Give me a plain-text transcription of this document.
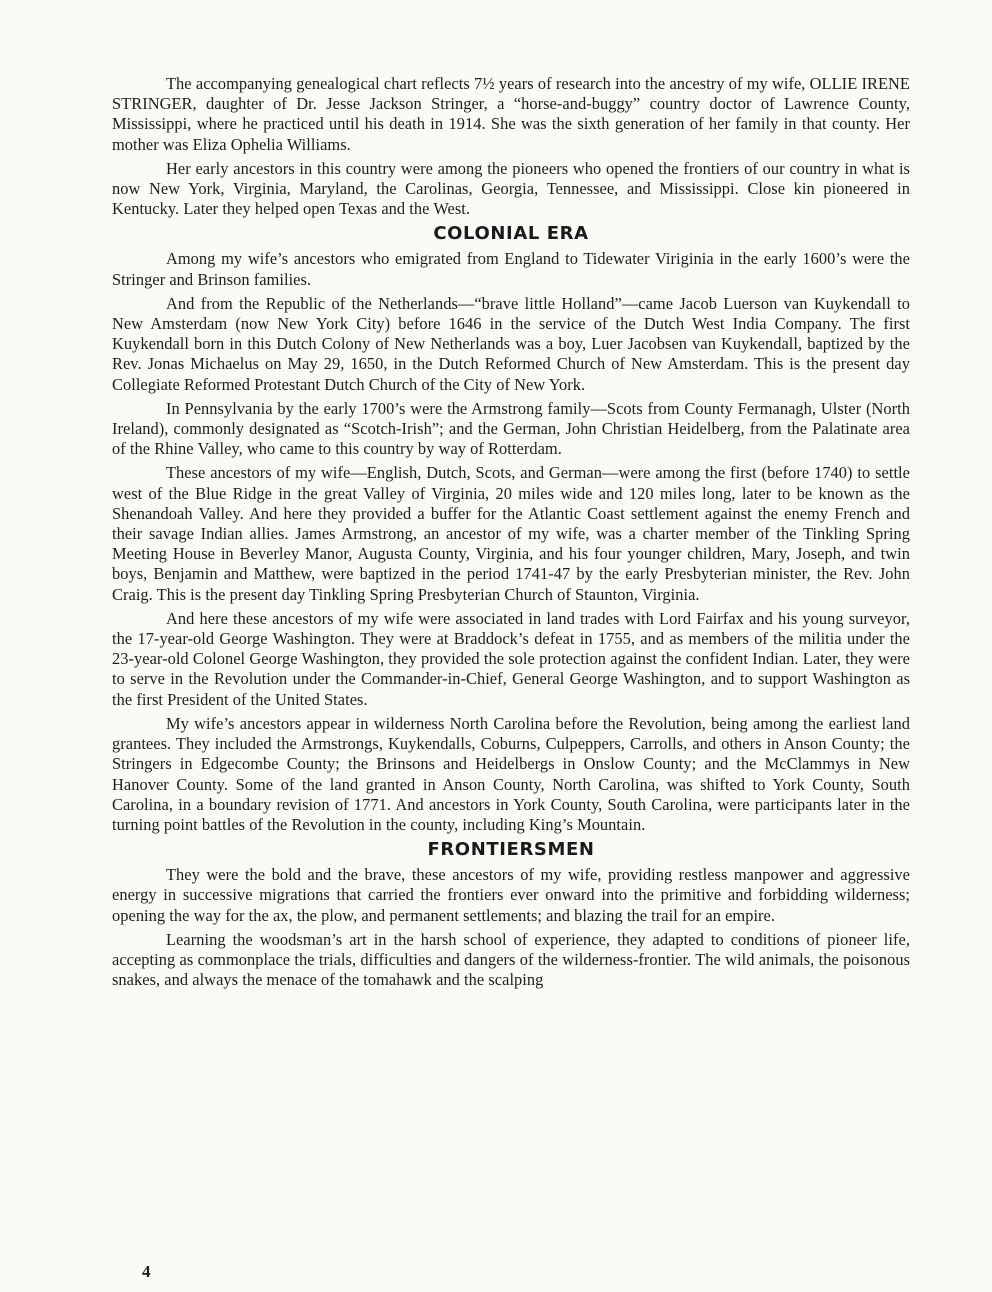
The accompanying genealogical chart reflects 7½ years of research into the ancestry of my wife, OLLIE IRENE STRINGER, daughter of Dr. Jesse Jackson Stringer, a “horse-and-buggy” country doctor of Lawrence County, Mississippi, where he practiced until his death in 1914. She was the sixth generation of her family in that county. Her mother was Eliza Ophelia Williams.

Her early ancestors in this country were among the pioneers who opened the frontiers of our country in what is now New York, Virginia, Maryland, the Carolinas, Georgia, Tennessee, and Mississippi. Close kin pioneered in Kentucky. Later they helped open Texas and the West.

COLONIAL ERA

Among my wife’s ancestors who emigrated from England to Tidewater Viriginia in the early 1600’s were the Stringer and Brinson families.

And from the Republic of the Netherlands—“brave little Holland”—came Jacob Luerson van Kuykendall to New Amsterdam (now New York City) before 1646 in the service of the Dutch West India Company. The first Kuykendall born in this Dutch Colony of New Netherlands was a boy, Luer Jacobsen van Kuykendall, baptized by the Rev. Jonas Michaelus on May 29, 1650, in the Dutch Reformed Church of New Amsterdam. This is the present day Collegiate Reformed Protestant Dutch Church of the City of New York.

In Pennsylvania by the early 1700’s were the Armstrong family—Scots from County Fermanagh, Ulster (North Ireland), commonly designated as “Scotch-Irish”; and the German, John Christian Heidelberg, from the Palatinate area of the Rhine Valley, who came to this country by way of Rotterdam.

These ancestors of my wife—English, Dutch, Scots, and German—were among the first (before 1740) to settle west of the Blue Ridge in the great Valley of Virginia, 20 miles wide and 120 miles long, later to be known as the Shenandoah Valley. And here they provided a buffer for the Atlantic Coast settlement against the enemy French and their savage Indian allies. James Armstrong, an ancestor of my wife, was a charter member of the Tinkling Spring Meeting House in Beverley Manor, Augusta County, Virginia, and his four younger children, Mary, Joseph, and twin boys, Benjamin and Matthew, were baptized in the period 1741-47 by the early Presbyterian minister, the Rev. John Craig. This is the present day Tinkling Spring Presbyterian Church of Staunton, Virginia.

And here these ancestors of my wife were associated in land trades with Lord Fairfax and his young surveyor, the 17-year-old George Washington. They were at Braddock’s defeat in 1755, and as members of the militia under the 23-year-old Colonel George Washington, they provided the sole protection against the confident Indian. Later, they were to serve in the Revolution under the Commander-in-Chief, General George Washington, and to support Washington as the first President of the United States.

My wife’s ancestors appear in wilderness North Carolina before the Revolution, being among the earliest land grantees. They included the Armstrongs, Kuykendalls, Coburns, Culpeppers, Carrolls, and others in Anson County; the Stringers in Edgecombe County; the Brinsons and Heidelbergs in Onslow County; and the McClammys in New Hanover County. Some of the land granted in Anson County, North Carolina, was shifted to York County, South Carolina, in a boundary revision of 1771. And ancestors in York County, South Carolina, were participants later in the turning point battles of the Revolution in the county, including King’s Mountain.

FRONTIERSMEN

They were the bold and the brave, these ancestors of my wife, providing restless manpower and aggressive energy in successive migrations that carried the frontiers ever onward into the primitive and forbidding wilderness; opening the way for the ax, the plow, and permanent settlements; and blazing the trail for an empire.

Learning the woodsman’s art in the harsh school of experience, they adapted to conditions of pioneer life, accepting as commonplace the trials, difficulties and dangers of the wilderness-frontier. The wild animals, the poisonous snakes, and always the menace of the tomahawk and the scalping

4
